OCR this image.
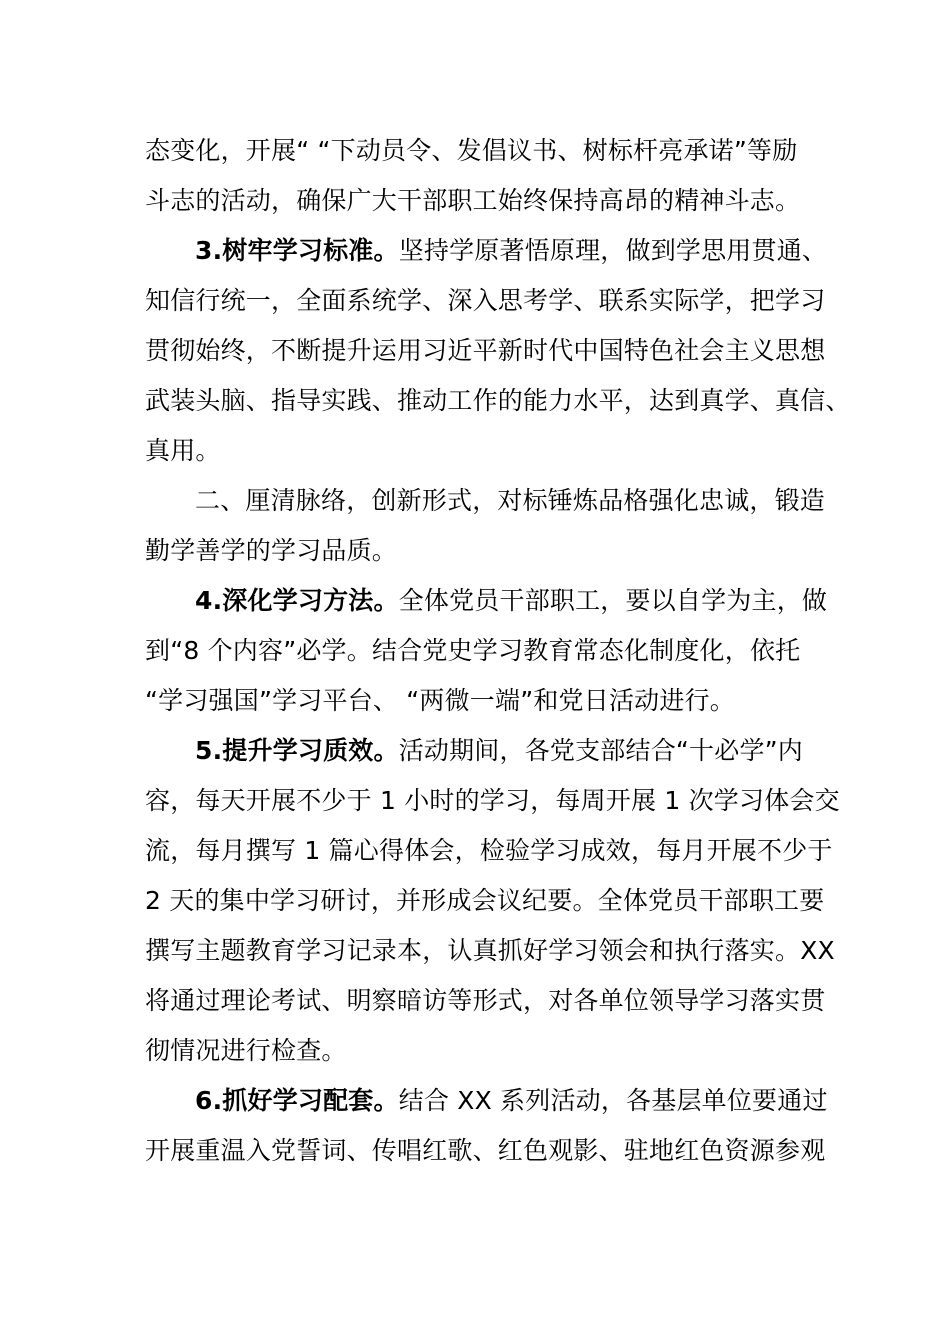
态变化，开展“ “下动员令、发倡议书、树标杆亮承诺”等励
斗志的活动，确保广大干部职工始终保持高昂的精神斗志。
3.树牢学习标准。坚持学原著悟原理，做到学思用贯通、
知信行统一，全面系统学、深入思考学、联系实际学，把学习
贯彻始终，不断提升运用习近平新时代中国特色社会主义思想
武装头脑、指导实践、推动工作的能力水平，达到真学、真信、
真用。
二、厘清脉络，创新形式，对标锤炼品格强化忠诚，锻造
勤学善学的学习品质。
4.深化学习方法。全体党员干部职工，要以自学为主，做
到“8 个内容”必学。结合党史学习教育常态化制度化，依托
“学习强国”学习平台、 “两微一端”和党日活动进行。
5.提升学习质效。活动期间，各党支部结合“十必学”内
容，每天开展不少于 1 小时的学习，每周开展 1 次学习体会交
流，每月撰写 1 篇心得体会，检验学习成效，每月开展不少于
2 天的集中学习研讨，并形成会议纪要。全体党员干部职工要
撰写主题教育学习记录本，认真抓好学习领会和执行落实。XX
将通过理论考试、明察暗访等形式，对各单位领导学习落实贯
彻情况进行检查。
6.抓好学习配套。结合 XX 系列活动，各基层单位要通过
开展重温入党誓词、传唱红歌、红色观影、驻地红色资源参观
